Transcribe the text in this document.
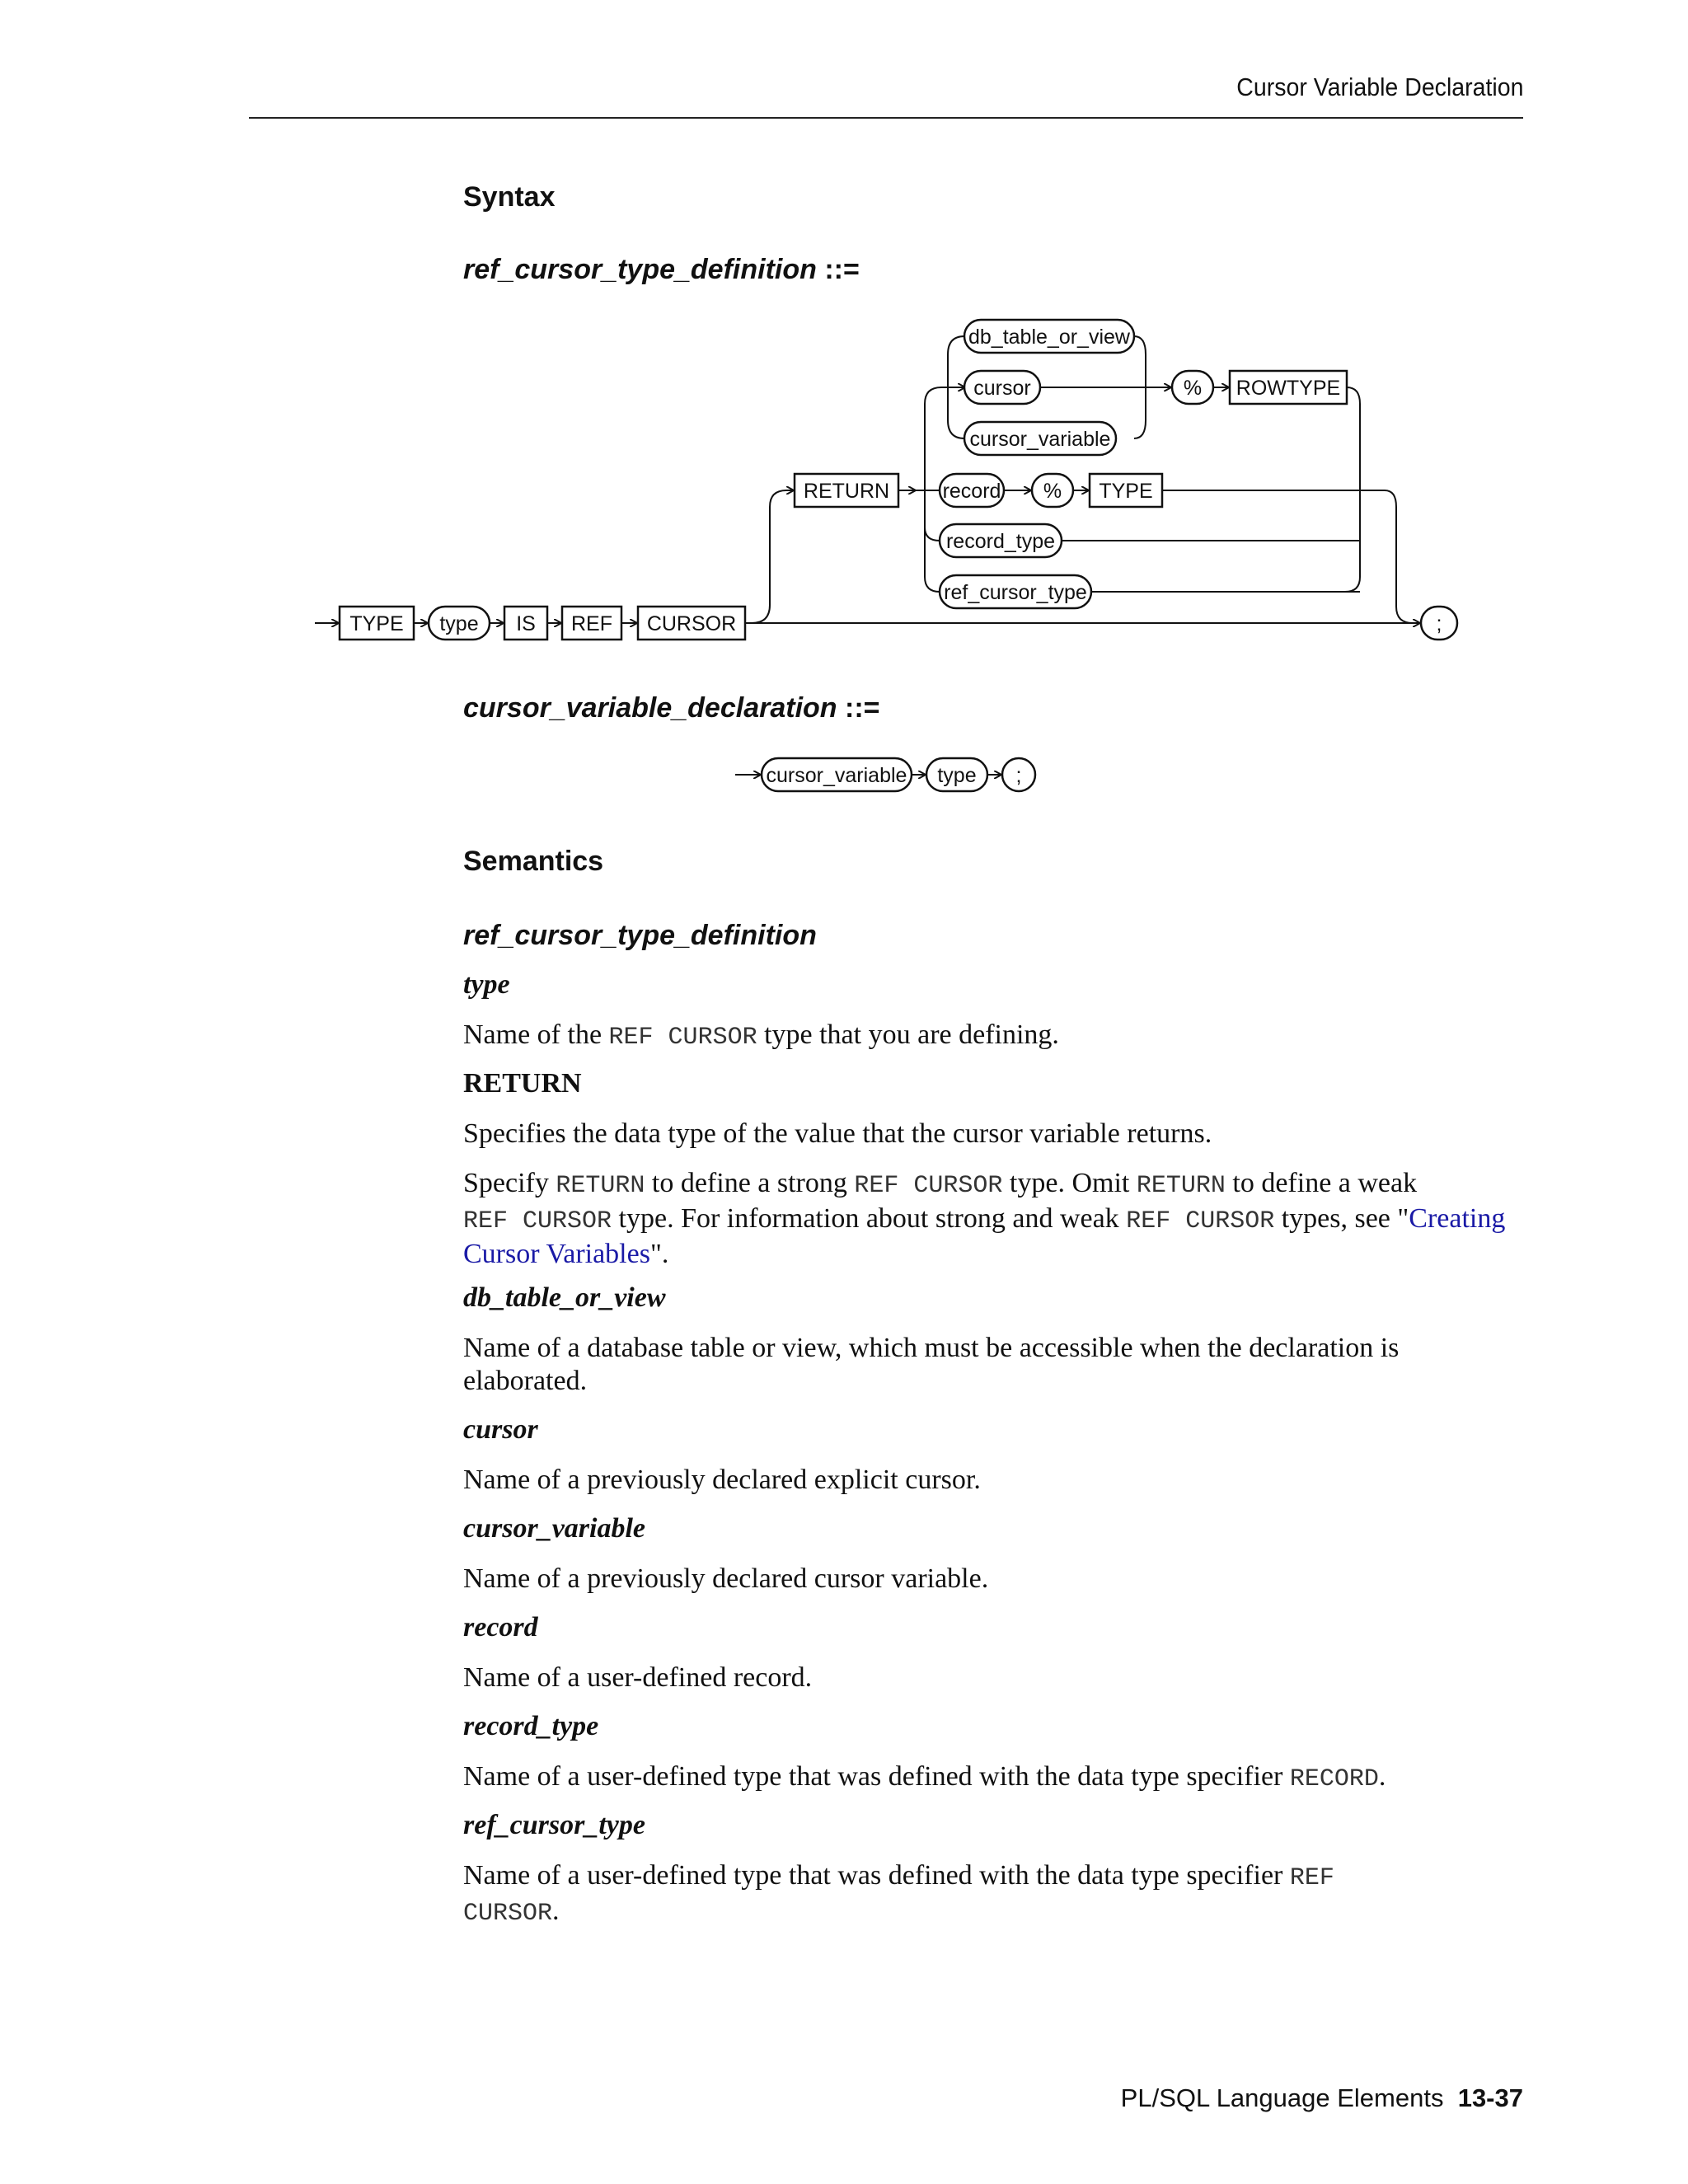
Cursor Variable Declaration
Syntax
ref_cursor_type_definition ::=
TYPE type IS REF CURSOR
RETURN
db_table_or_view
cursor
cursor_variable
% ROWTYPE
record % TYPE
record_type
ref_cursor_type
;
cursor_variable_declaration ::=
cursor_variable type ;
Semantics
ref_cursor_type_definition
type
Name of the REF CURSOR type that you are defining.
RETURN
Specifies the data type of the value that the cursor variable returns.
Specify RETURN to define a strong REF CURSOR type. Omit RETURN to define a weak
REF CURSOR type. For information about strong and weak REF CURSOR types, see "Creating Cursor Variables".
db_table_or_view
Name of a database table or view, which must be accessible when the declaration is elaborated.
cursor
Name of a previously declared explicit cursor.
cursor_variable
Name of a previously declared cursor variable.
record
Name of a user-defined record.
record_type
Name of a user-defined type that was defined with the data type specifier RECORD.
ref_cursor_type
Name of a user-defined type that was defined with the data type specifier REF
CURSOR.
PL/SQL Language Elements 13-37
